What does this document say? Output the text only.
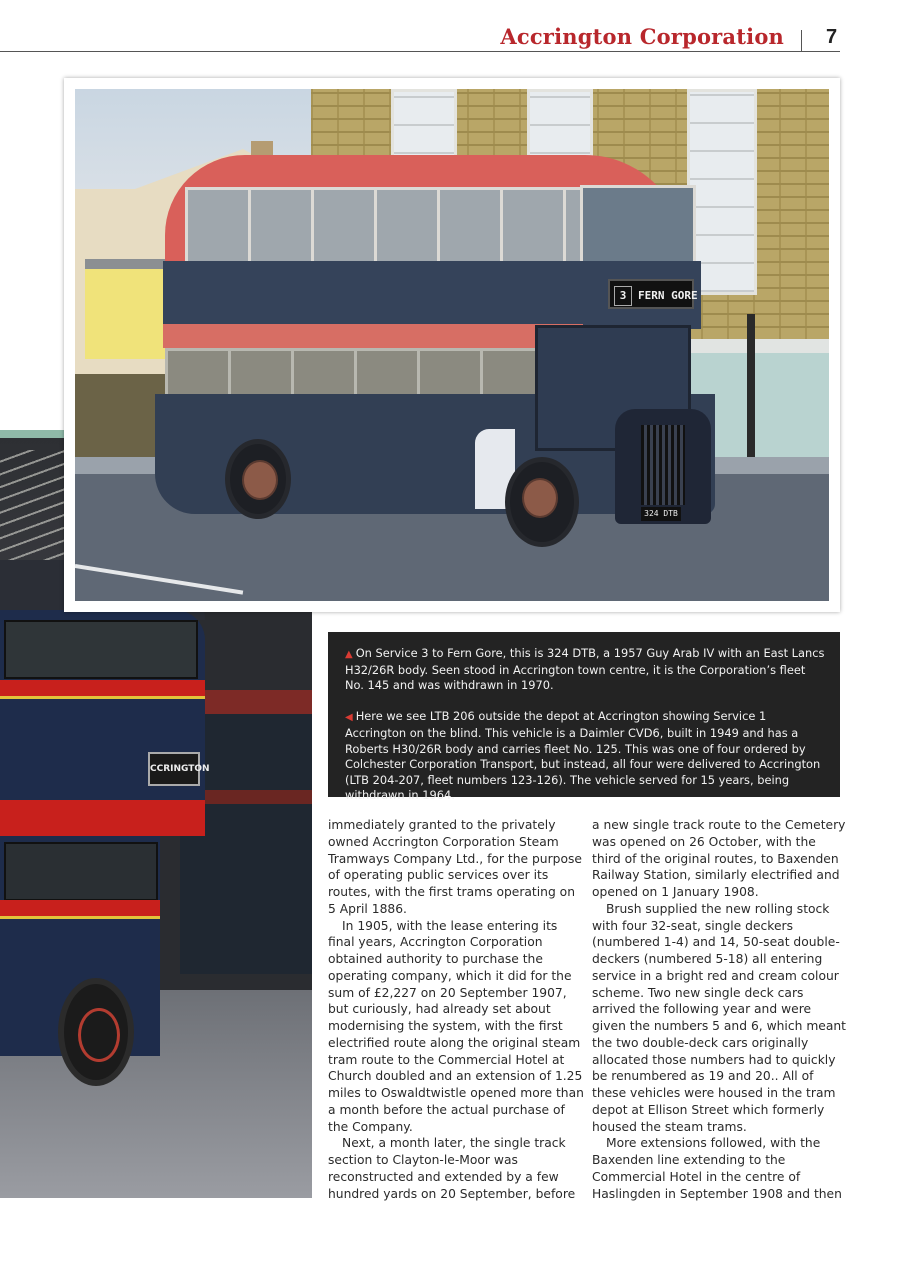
Accrington Corporation 7
CCRINGTON
3 FERN GORE
324 DTB

▲ On Service 3 to Fern Gore, this is 324 DTB, a 1957 Guy Arab IV with an East Lancs H32/26R body. Seen stood in Accrington town centre, it is the Corporation’s fleet No. 145 and was withdrawn in 1970.

◀ Here we see LTB 206 outside the depot at Accrington showing Service 1 Accrington on the blind. This vehicle is a Daimler CVD6, built in 1949 and has a Roberts H30/26R body and carries fleet No. 125. This was one of four ordered by Colchester Corporation Transport, but instead, all four were delivered to Accrington (LTB 204-207, fleet numbers 123-126). The vehicle served for 15 years, being withdrawn in 1964.

immediately granted to the privately owned Accrington Corporation Steam Tramways Company Ltd., for the purpose of operating public services over its routes, with the first trams operating on 5 April 1886.

In 1905, with the lease entering its final years, Accrington Corporation obtained authority to purchase the operating company, which it did for the sum of £2,227 on 20 September 1907, but curiously, had already set about modernising the system, with the first electrified route along the original steam tram route to the Commercial Hotel at Church doubled and an extension of 1.25 miles to Oswaldtwistle opened more than a month before the actual purchase of the Company.

Next, a month later, the single track section to Clayton-le-Moor was reconstructed and extended by a few hundred yards on 20 September, before

a new single track route to the Cemetery was opened on 26 October, with the third of the original routes, to Baxenden Railway Station, similarly electrified and opened on 1 January 1908.

Brush supplied the new rolling stock with four 32-seat, single deckers (numbered 1-4) and 14, 50-seat double-deckers (numbered 5-18) all entering service in a bright red and cream colour scheme. Two new single deck cars arrived the following year and were given the numbers 5 and 6, which meant the two double-deck cars originally allocated those numbers had to quickly be renumbered as 19 and 20.. All of these vehicles were housed in the tram depot at Ellison Street which formerly housed the steam trams.

More extensions followed, with the Baxenden line extending to the Commercial Hotel in the centre of Haslingden in September 1908 and then
